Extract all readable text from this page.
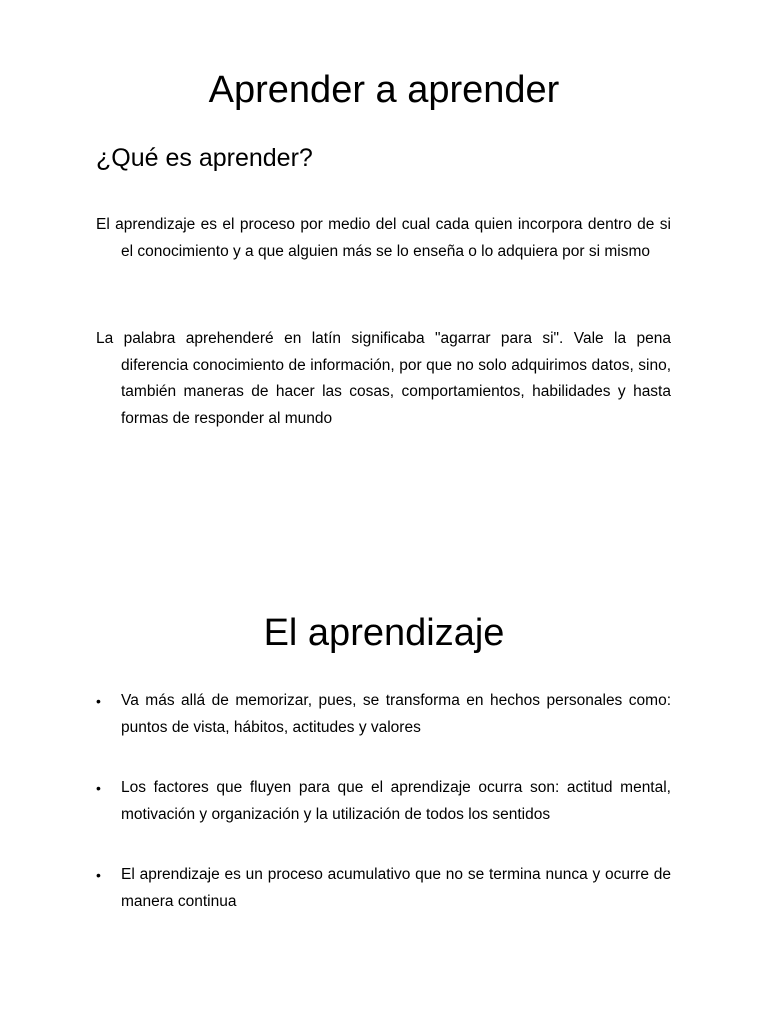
Aprender a aprender
¿Qué es aprender?

El aprendizaje es el proceso por medio del cual cada quien incorpora dentro de si el conocimiento y a que alguien más se lo enseña o lo adquiera por si mismo

La palabra aprehenderé en latín significaba "agarrar para si". Vale la pena diferencia conocimiento de información, por que no solo adquirimos datos, sino, también maneras de hacer las cosas, comportamientos, habilidades y hasta formas de responder al mundo

El aprendizaje
• Va más allá de memorizar, pues, se transforma en hechos personales como: puntos de vista, hábitos, actitudes y valores
• Los factores que fluyen para que el aprendizaje ocurra son: actitud mental, motivación y organización y la utilización de todos los sentidos
• El aprendizaje es un proceso acumulativo que no se termina nunca y ocurre de manera continua
